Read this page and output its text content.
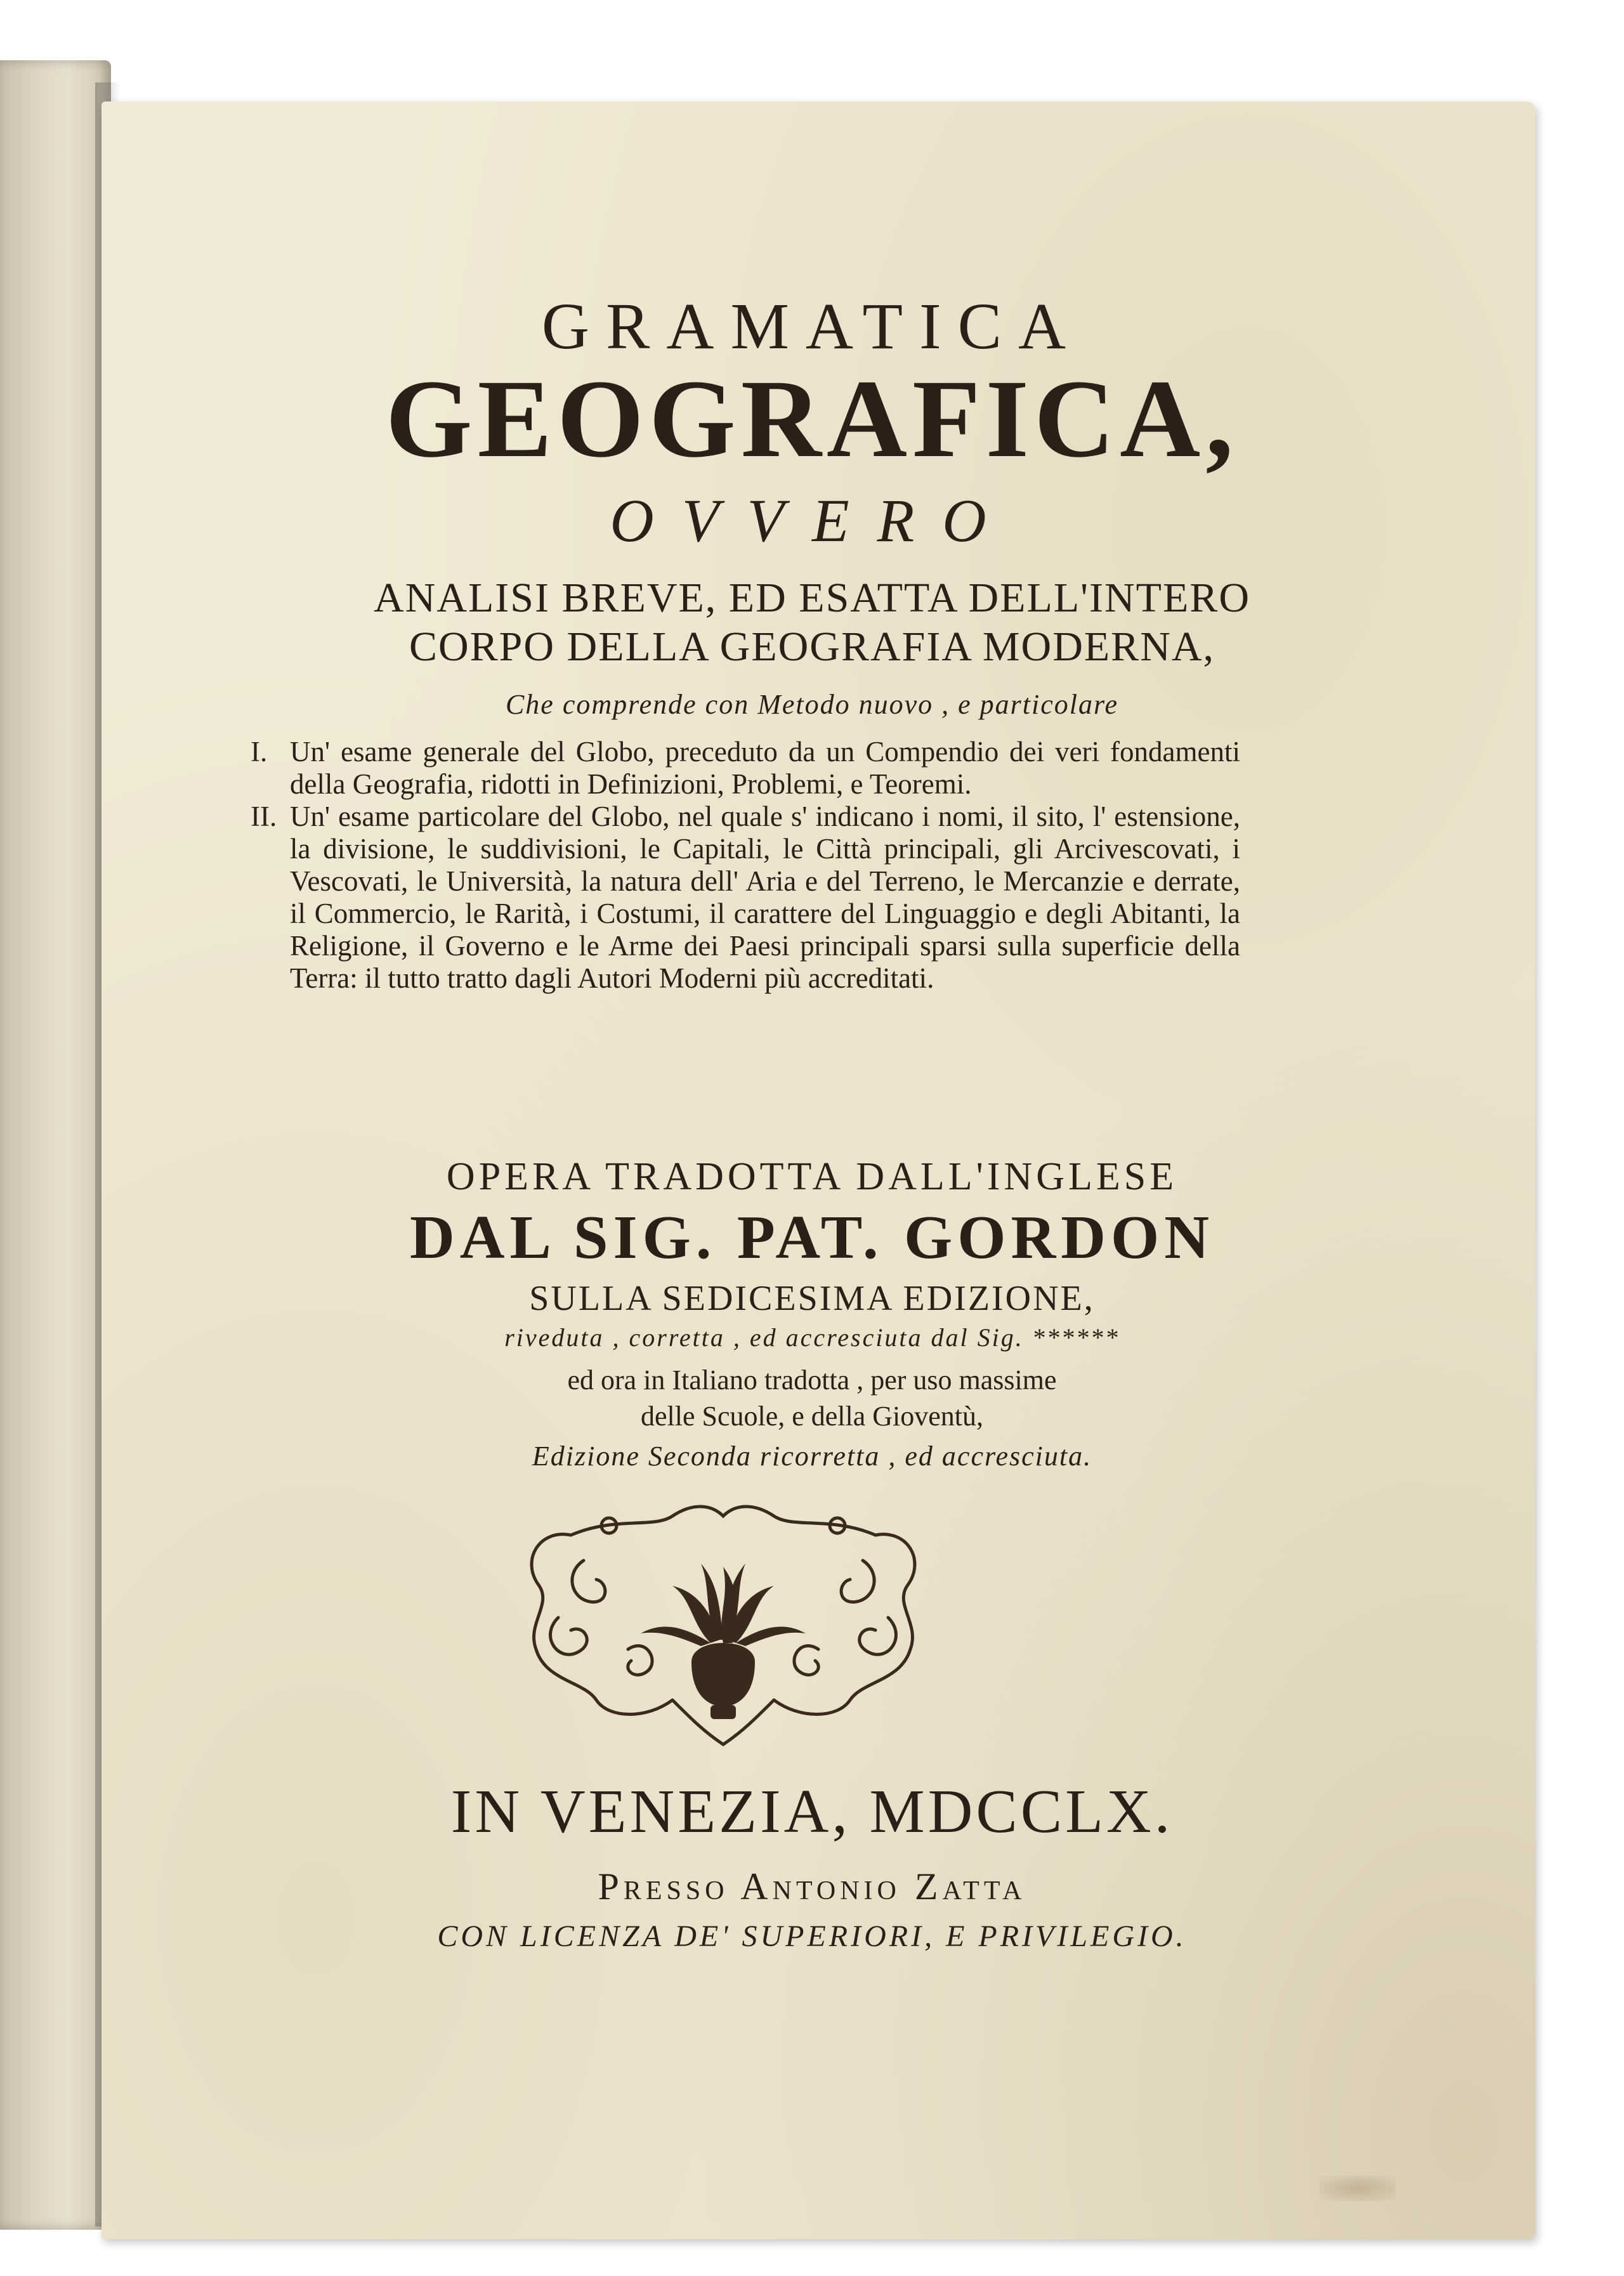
GRAMATICA
GEOGRAFICA,
OVVERO
ANALISI BREVE, ED ESATTA DELL'INTERO
CORPO DELLA GEOGRAFIA MODERNA,
Che comprende con Metodo nuovo , e particolare
I. Un' esame generale del Globo, preceduto da un Compendio dei veri fondamenti della Geografia, ridotti in Definizioni, Problemi, e Teoremi.
II. Un' esame particolare del Globo, nel quale s' indicano i nomi, il sito, l' estensione, la divisione, le suddivisioni, le Capitali, le Città principali, gli Arcivescovati, i Vescovati, le Università, la natura dell' Aria e del Terreno, le Mercanzie e derrate, il Commercio, le Rarità, i Costumi, il carattere del Linguaggio e degli Abitanti, la Religione, il Governo e le Arme dei Paesi principali sparsi sulla superficie della Terra: il tutto tratto dagli Autori Moderni più accreditati.
OPERA TRADOTTA DALL'INGLESE
DAL SIG. PAT. GORDON
SULLA SEDICESIMA EDIZIONE,
riveduta , corretta , ed accresciuta dal Sig. ******
ed ora in Italiano tradotta , per uso massime
delle Scuole, e della Gioventù,
Edizione Seconda ricorretta , ed accresciuta.
IN VENEZIA, MDCCLX.
Presso Antonio Zatta
CON LICENZA DE' SUPERIORI, E PRIVILEGIO.
